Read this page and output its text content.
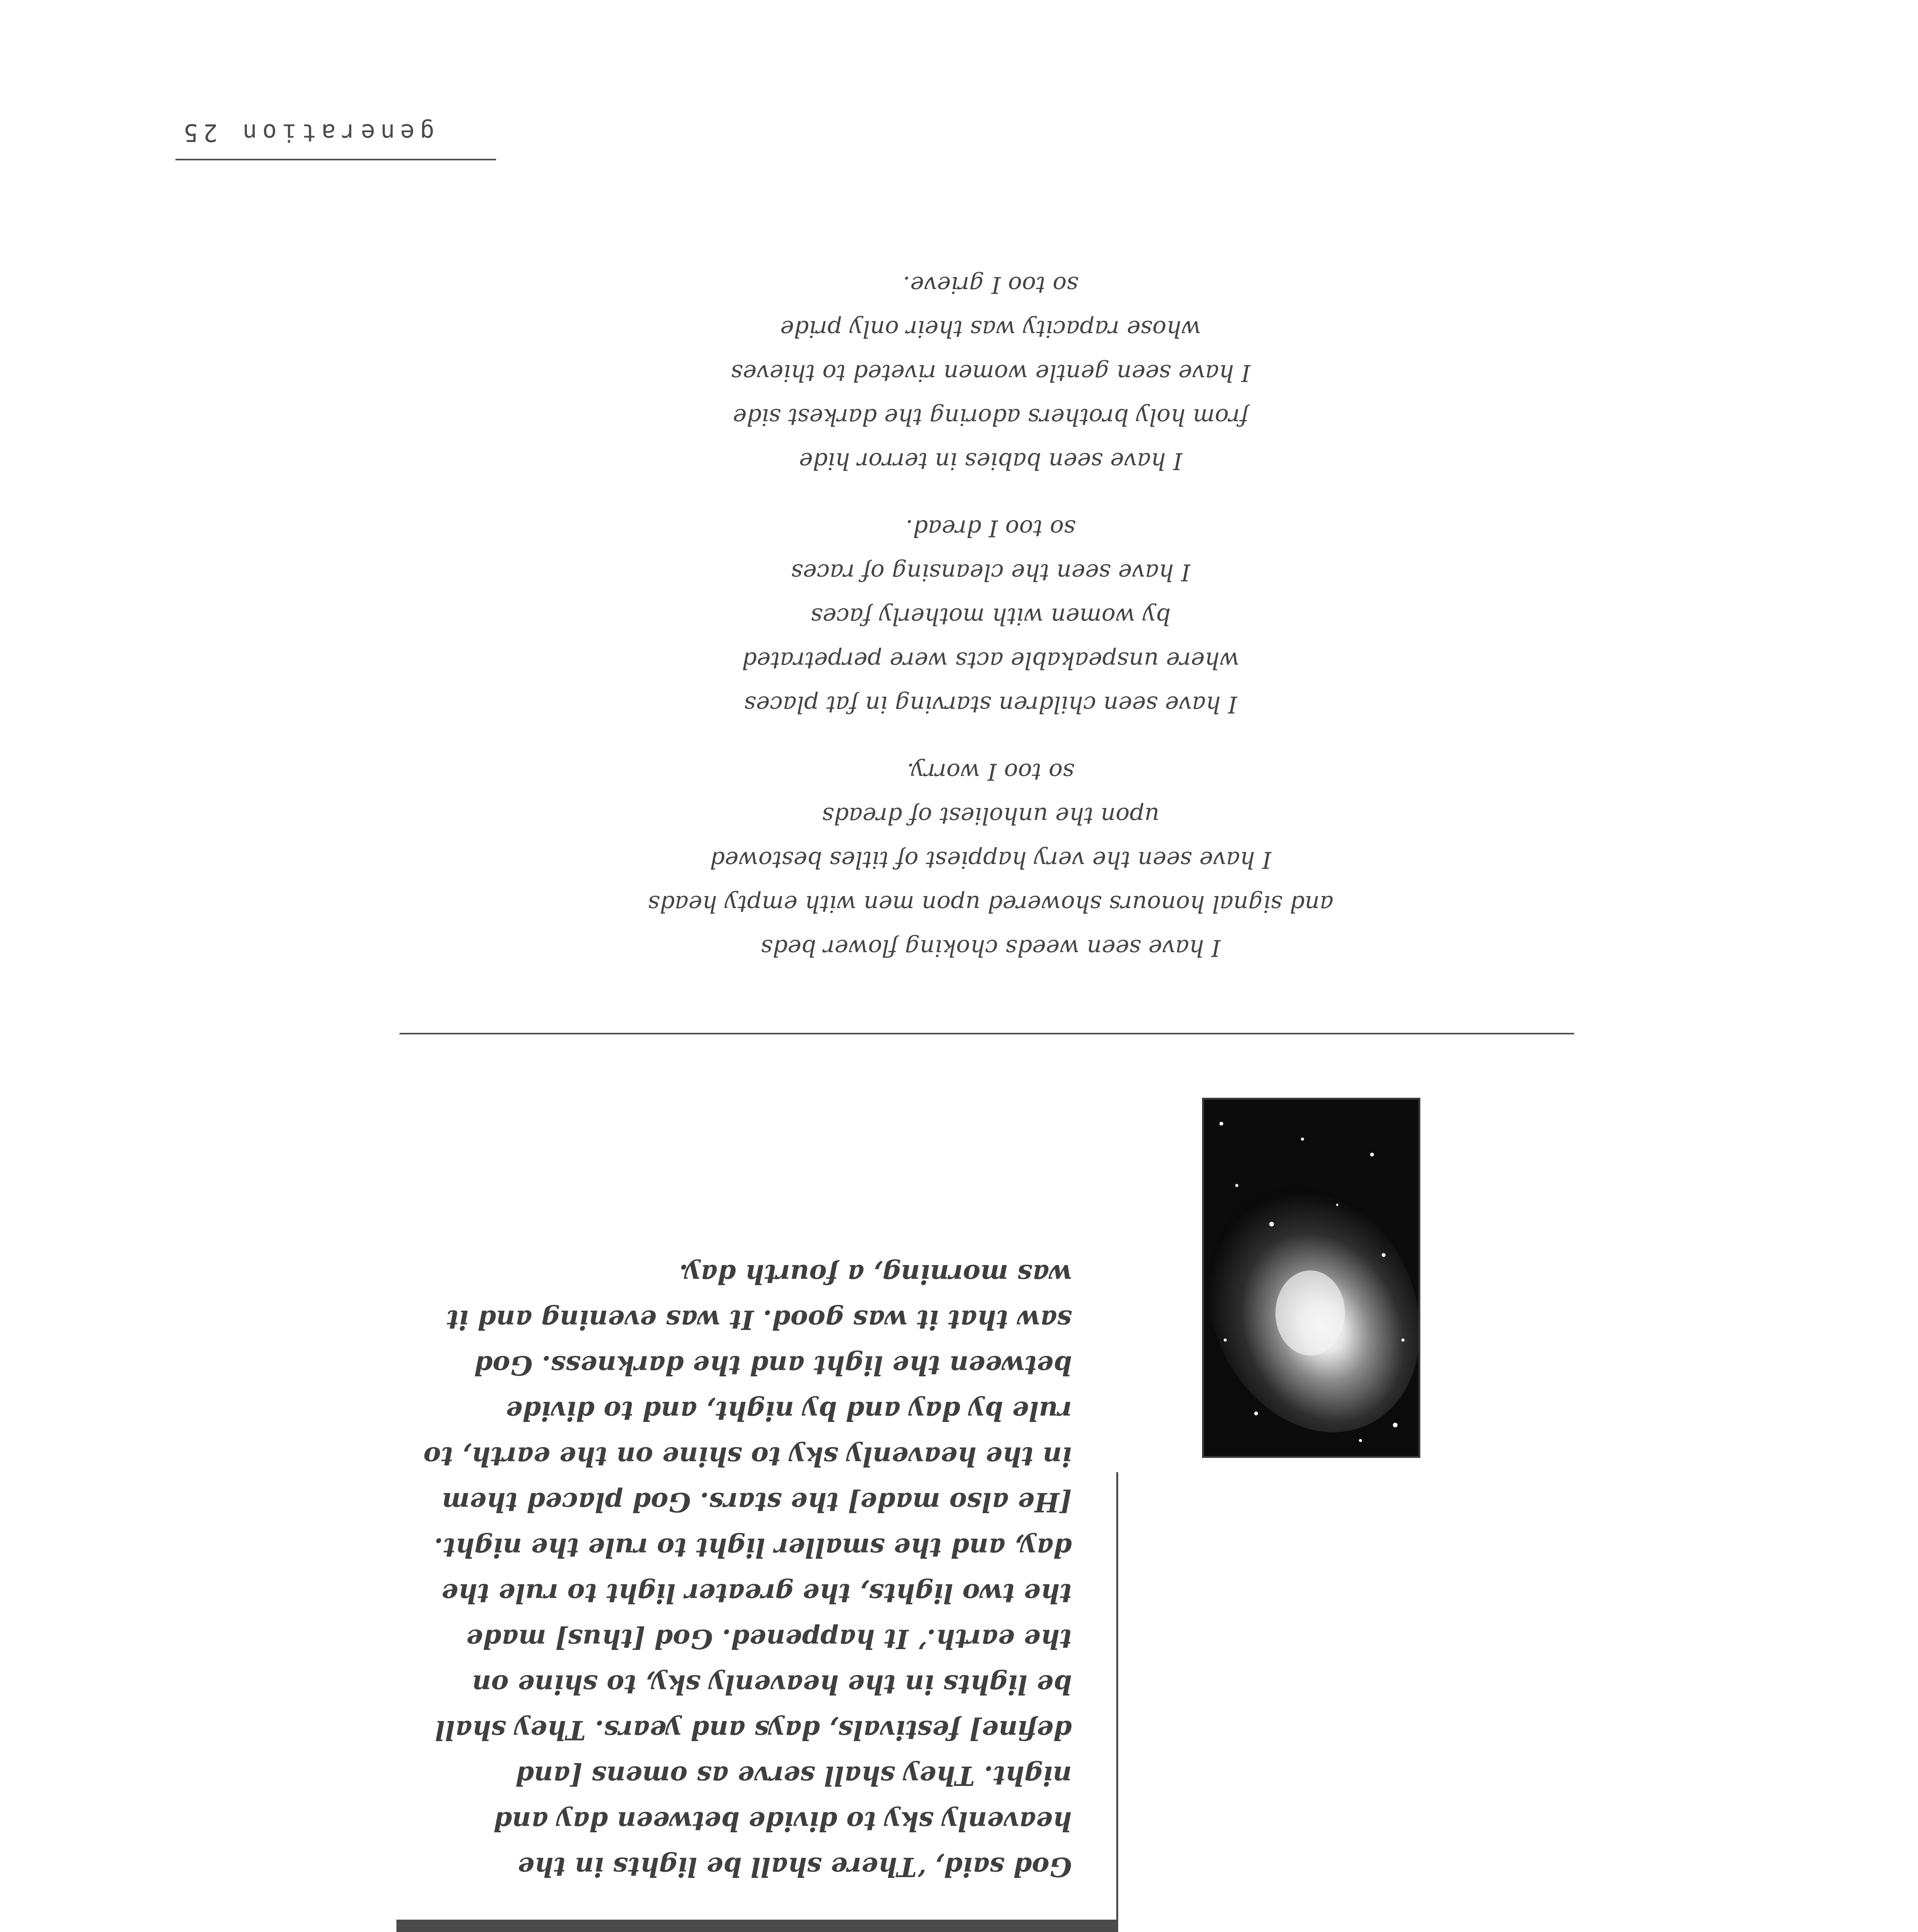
God said, ‘There shall be lights in the heavenly sky to divide between day and night. They shall serve as omens [and define] festivals, days and years. They shall be lights in the heavenly sky, to shine on the earth.’ It happened. God [thus] made the two lights, the greater light to rule the day, and the smaller light to rule the night. [He also made] the stars. God placed them in the heavenly sky to shine on the earth, to rule by day and by night, and to divide between the light and the darkness. God saw that it was good. It was evening and it was morning, a fourth day.

I have seen weeds choking flower beds
and signal honours showered upon men with empty heads
I have seen the very happiest of titles bestowed
upon the unholiest of dreads
so too I worry.
I have seen children starving in fat places
where unspeakable acts were perpetrated
by women with motherly faces
I have seen the cleansing of races
so too I dread.
I have seen babies in terror hide
from holy brothers adoring the darkest side
I have seen gentle women riveted to thieves
whose rapacity was their only pride
so too I grieve.
generation 25
